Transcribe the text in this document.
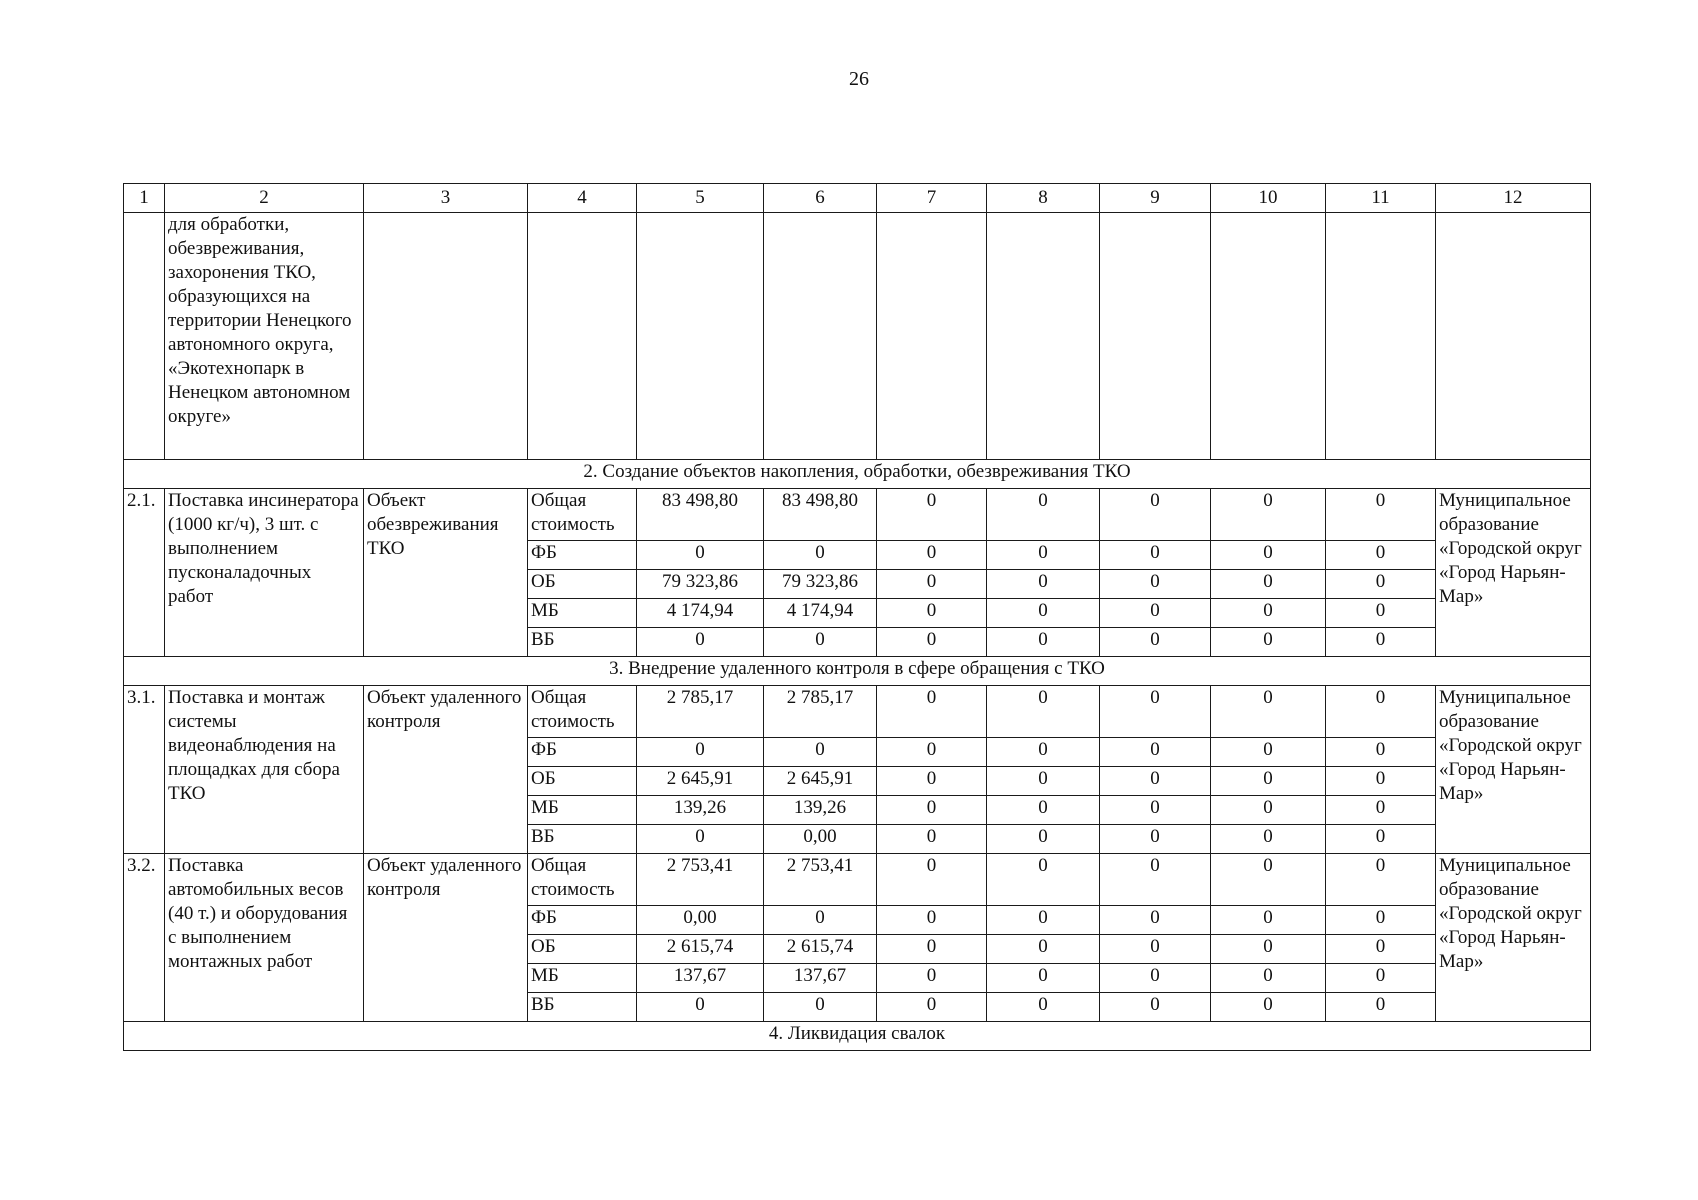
26
1	2	3	4	5	6	7	8	9	10	11	12
	для обработки, обезвреживания, захоронения ТКО, образующихся на территории Ненецкого автономного округа, «Экотехнопарк в Ненецком автономном округе»										
2. Создание объектов накопления, обработки, обезвреживания ТКО											
2.1.	Поставка инсинератора (1000 кг/ч), 3 шт. с выполнением пусконаладочных работ	Объект обезвреживания ТКО	Общая стоимость	83 498,80	83 498,80	0	0	0	0	0	Муниципальное образование «Городской округ «Город Нарьян-Мар»
			ФБ	0	0	0	0	0	0	0	
			ОБ	79 323,86	79 323,86	0	0	0	0	0	
			МБ	4 174,94	4 174,94	0	0	0	0	0	
			ВБ	0	0	0	0	0	0	0	
3. Внедрение удаленного контроля в сфере обращения с ТКО											
3.1.	Поставка и монтаж системы видеонаблюдения на площадках для сбора ТКО	Объект удаленного контроля	Общая стоимость	2 785,17	2 785,17	0	0	0	0	0	Муниципальное образование «Городской округ «Город Нарьян-Мар»
			ФБ	0	0	0	0	0	0	0	
			ОБ	2 645,91	2 645,91	0	0	0	0	0	
			МБ	139,26	139,26	0	0	0	0	0	
			ВБ	0	0,00	0	0	0	0	0	
3.2.	Поставка автомобильных весов (40 т.) и оборудования с выполнением монтажных работ	Объект удаленного контроля	Общая стоимость	2 753,41	2 753,41	0	0	0	0	0	Муниципальное образование «Городской округ «Город Нарьян-Мар»
			ФБ	0,00	0	0	0	0	0	0	
			ОБ	2 615,74	2 615,74	0	0	0	0	0	
			МБ	137,67	137,67	0	0	0	0	0	
			ВБ	0	0	0	0	0	0	0	
4. Ликвидация свалок											
